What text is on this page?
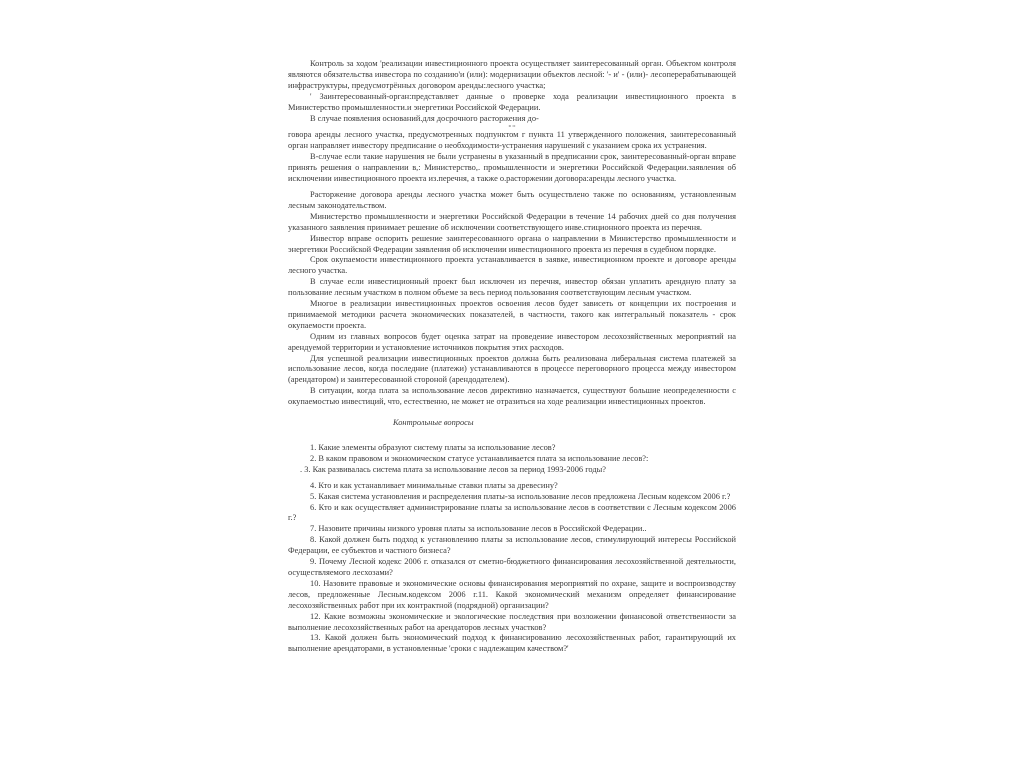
Контроль за ходом 'реализации инвестиционного проекта осуществляет заинтересованный орган. Объектом контроля являются обязательства инвестора по созданию'и (или): модернизации объектов лесной: '- и' - (или)- лесоперерабатывающей инфраструктуры, предусмотрённых договором аренды:лесного участка;

' Заинтересованный-орган:представляет данные о проверке хода реализации инвестиционного проекта в Министерство промышленности.и энергетики Российской Федерации.

В случае появления оснований.для досрочного расторжения до-

» ››

говора аренды лесного участка, предусмотренных подпунктом г пункта 11 утвержденного положения, заинтересованный орган направляет инвестору предписание о необходимости-устранения нарушений с указанием срока их устранения.

В-случае если такие нарушения не были устранены в указанный в предписании срок, заинтересованный-орган вправе принять решения о направлении в,: Министерство,. промышленности и энергетики Российской Федерации.заявления об исключении инвестиционного проекта из.перечня, а также о.расторжении договора:аренды лесного участка.

Расторжение договора аренды лесного участка может быть осуществлено также по основаниям, установленным лесным законодательством.

Министерство промышленности и энергетики Российской Федерации в течение 14 рабочих дней со дня получения указанного заявления принимает решение об исключении соответствующего инве.стиционного проекта из перечня.

Инвестор вправе оспорить решение заинтересованного органа о направлении в Министерство промышленности и энергетики Российской Федерации заявления об исключении инвестиционного проекта из перечня в судебном порядке.

Срок окупаемости инвестиционного проекта устанавливается в заявке, инвестиционном проекте и договоре аренды лесного участка.

В случае если инвестиционный проект был исключен из перечня, инвестор обязан уплатить арендную плату за пользование лесным участком в полном объеме за весь период пользования соответствующим лесным участком.

Многое в реализации инвестиционных проектов освоения лесов будет зависеть от концепции их построения и принимаемой методики расчета экономических показателей, в частности, такого как интегральный показатель - срок окупаемости проекта.

Одним из главных вопросов будет оценка затрат на проведение инвестором лесохозяйственных мероприятий на арендуемой территории и установление источников покрытия этих расходов.

Для успешной реализации инвестиционных проектов должна быть реализована либеральная система платежей за использование лесов, когда последние (платежи) устанавливаются в процессе переговорного процесса между инвестором (арендатором) и заинтересованной стороной (арендодателем).

В ситуации, когда плата за использование лесов директивно назначается, существуют большие неопределенности с окупаемостью инвестиций, что, естественно, не может не отразиться на ходе реализации инвестиционных проектов.

Контрольные вопросы

1. Какие элементы образуют систему платы за использование лесов?

2. В каком правовом и экономическом статусе устанавливается плата за использование лесов?:

. 3. Как развивалась система плата за использование лесов за период 1993-2006 годы?

4. Кто и как устанавливает минимальные ставки платы за древесину?

5. Какая система установления и распределения платы-за использование лесов предложена Лесным кодексом 2006 г.?

6. Кто и как осуществляет администрирование платы за использование лесов в соответствии с Лесным кодексом 2006 г.?

7. Назовите причины низкого уровня платы за использование лесов в Российской Федерации..

8. Какой должен быть подход к установлению платы за использование лесов, стимулирующий интересы Российской Федерации, ее субъектов и частного бизнеса?

9. Почему Лесной кодекс 2006 г. отказался от сметно-бюджетного финансирования лесохозяйственной деятельности, осуществляемого лесхозами?

10. Назовите правовые и экономические основы финансирования мероприятий по охране, защите и воспроизводству лесов, предложенные Лесным.кодексом 2006 г.11. Какой экономический механизм определяет финансирование лесохозяйственных работ при их контрактной (подрядной) организации?

12. Какие возможны экономические и экологические последствия при возложении финансовой ответственности за выполнение лесохозяйственных работ на арендаторов лесных участков?

13. Какой должен быть экономический подход к финансированию лесохозяйственных работ, гарантирующий их выполнение арендаторами, в установленные 'сроки с надлежащим качеством?'
